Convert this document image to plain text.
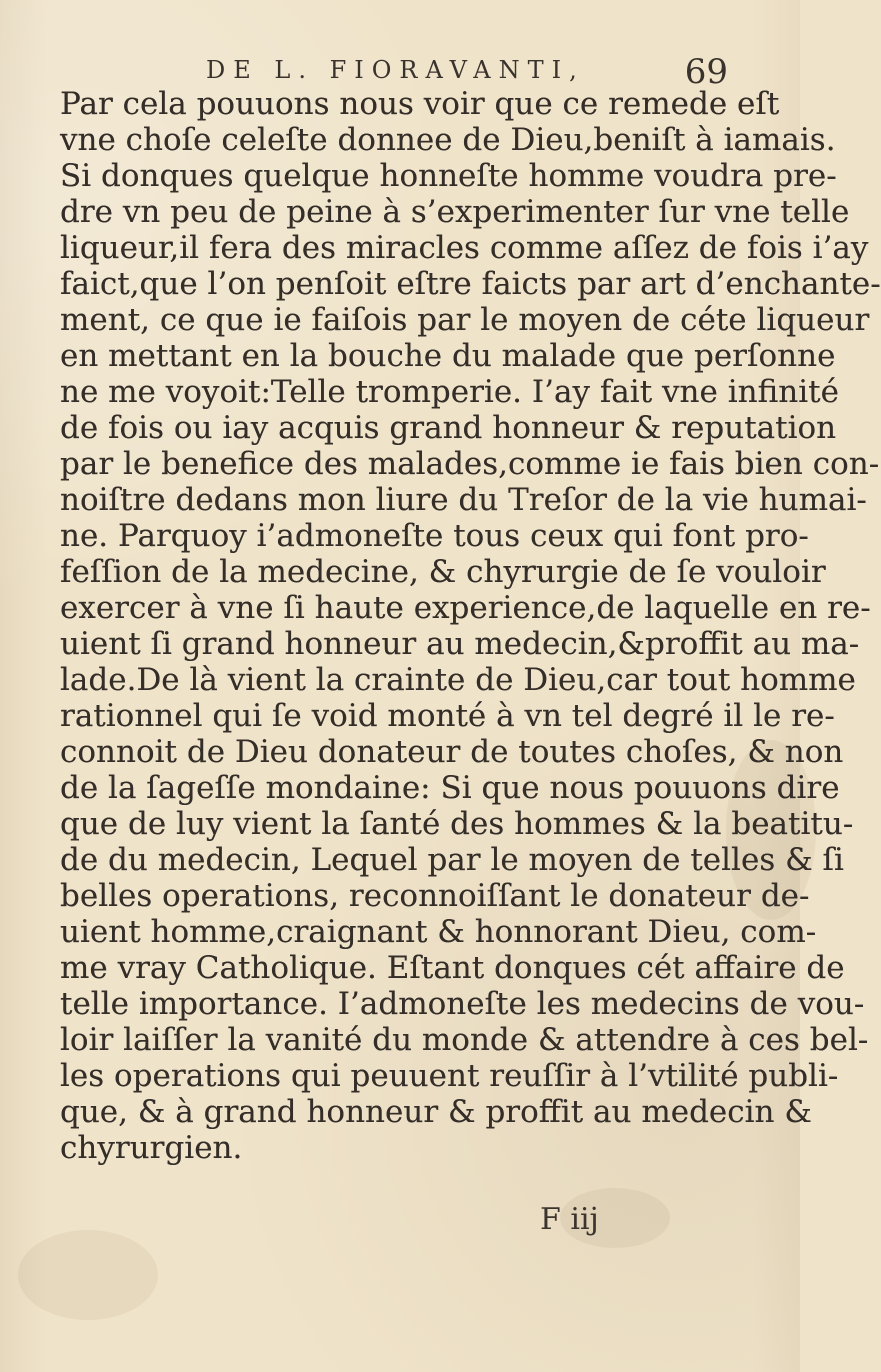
DE L. FIORAVANTI,	69
Par cela pouuons nous voir que ce remede eſt
vne choſe celeſte donnee de Dieu,beniſt à iamais.
Si donques quelque honneſte homme voudra pre-
dre vn peu de peine à s’experimenter ſur vne telle
liqueur,il fera des miracles comme aſſez de fois i’ay
faict,que l’on penſoit eſtre faicts par art d’enchante-
ment, ce que ie faiſois par le moyen de céte liqueur
en mettant en la bouche du malade que perſonne
ne me voyoit:Telle tromperie. I’ay fait vne infinité
de fois ou iay acquis grand honneur & reputation
par le benefice des malades,comme ie fais bien con-
noiſtre dedans mon liure du Treſor de la vie humai-
ne. Parquoy i’admoneſte tous ceux qui font pro-
feſſion de la medecine, & chyrurgie de ſe vouloir
exercer à vne ſi haute experience,de laquelle en re-
uient ſi grand honneur au medecin,&proffit au ma-
lade.De là vient la crainte de Dieu,car tout homme
rationnel qui ſe void monté à vn tel degré il le re-
connoit de Dieu donateur de toutes choſes, & non
de la ſageſſe mondaine: Si que nous pouuons dire
que de luy vient la ſanté des hommes & la beatitu-
de du medecin, Lequel par le moyen de telles & ſi
belles operations, reconnoiſſant le donateur de-
uient homme,craignant & honnorant Dieu, com-
me vray Catholique. Eſtant donques cét affaire de
telle importance. I’admoneſte les medecins de vou-
loir laiſſer la vanité du monde & attendre à ces bel-
les operations qui peuuent reuſſir à l’vtilité publi-
que, & à grand honneur & proffit au medecin &
chyrurgien.
F iij
